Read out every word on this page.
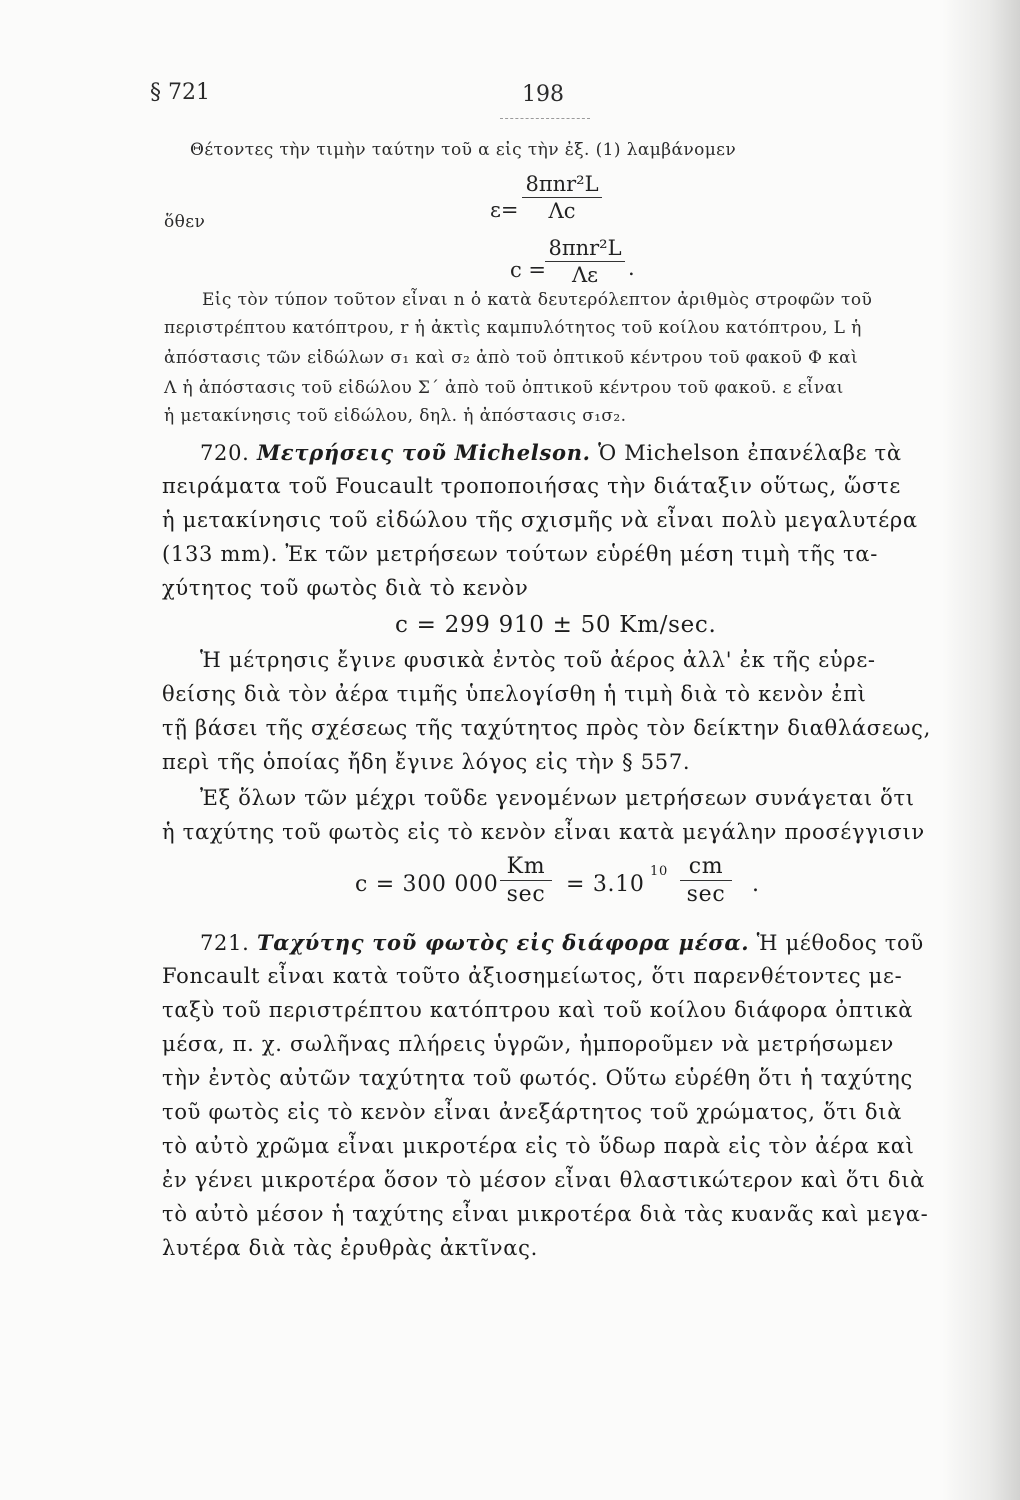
§ 721	198
Θέτοντες τὴν τιμὴν ταύτην τοῦ α εἰς τὴν ἐξ. (1) λαμβάνομεν
ε=
8πnr²L
Λc
ὅθεν
c =
8πnr²L
Λε	.
Εἰς τὸν τύπον τοῦτον εἶναι n ὁ κατὰ δευτερόλεπτον ἀριθμὸς στροφῶν τοῦ
περιστρέπτου κατόπτρου, r ἡ ἀκτὶς καμπυλότητος τοῦ κοίλου κατόπτρου, L ἡ
ἀπόστασις τῶν εἰδώλων σ₁ καὶ σ₂ ἀπὸ τοῦ ὀπτικοῦ κέντρου τοῦ φακοῦ Φ καὶ
Λ ἡ ἀπόστασις τοῦ εἰδώλου Σ΄ ἀπὸ τοῦ ὀπτικοῦ κέντρου τοῦ φακοῦ. ε εἶναι
ἡ μετακίνησις τοῦ εἰδώλου, δηλ. ἡ ἀπόστασις σ₁σ₂.
720. Μετρήσεις τοῦ Michelson. Ὁ Michelson ἐπανέλαβε τὰ
πειράματα τοῦ Foucault τροποποιήσας τὴν διάταξιν οὕτως, ὥστε
ἡ μετακίνησις τοῦ εἰδώλου τῆς σχισμῆς νὰ εἶναι πολὺ μεγαλυτέρα
(133 mm). Ἐκ τῶν μετρήσεων τούτων εὑρέθη μέση τιμὴ τῆς τα-
χύτητος τοῦ φωτὸς διὰ τὸ κενὸν
c = 299 910 ± 50 Km/sec.
Ἡ μέτρησις ἔγινε φυσικὰ ἐντὸς τοῦ ἀέρος ἀλλ' ἐκ τῆς εὑρε-
θείσης διὰ τὸν ἀέρα τιμῆς ὑπελογίσθη ἡ τιμὴ διὰ τὸ κενὸν ἐπὶ
τῇ βάσει τῆς σχέσεως τῆς ταχύτητος πρὸς τὸν δείκτην διαθλάσεως,
περὶ τῆς ὁποίας ἤδη ἔγινε λόγος εἰς τὴν § 557.
Ἐξ ὅλων τῶν μέχρι τοῦδε γενομένων μετρήσεων συνάγεται ὅτι
ἡ ταχύτης τοῦ φωτὸς εἰς τὸ κενὸν εἶναι κατὰ μεγάλην προσέγγισιν
c = 300 000
Km
sec = 3.10
10 cm
sec	.
721. Ταχύτης τοῦ φωτὸς εἰς διάφορα μέσα. Ἡ μέθοδος τοῦ
Foncault εἶναι κατὰ τοῦτο ἀξιοσημείωτος, ὅτι παρενθέτοντες με-
ταξὺ τοῦ περιστρέπτου κατόπτρου καὶ τοῦ κοίλου διάφορα ὀπτικὰ
μέσα, π. χ. σωλῆνας πλήρεις ὑγρῶν, ἠμποροῦμεν νὰ μετρήσωμεν
τὴν ἐντὸς αὐτῶν ταχύτητα τοῦ φωτός. Οὕτω εὑρέθη ὅτι ἡ ταχύτης
τοῦ φωτὸς εἰς τὸ κενὸν εἶναι ἀνεξάρτητος τοῦ χρώματος, ὅτι διὰ
τὸ αὐτὸ χρῶμα εἶναι μικροτέρα εἰς τὸ ὕδωρ παρὰ εἰς τὸν ἀέρα καὶ
ἐν γένει μικροτέρα ὅσον τὸ μέσον εἶναι θλαστικώτερον καὶ ὅτι διὰ
τὸ αὐτὸ μέσον ἡ ταχύτης εἶναι μικροτέρα διὰ τὰς κυανᾶς καὶ μεγα-
λυτέρα διὰ τὰς ἐρυθρὰς ἀκτῖνας.
